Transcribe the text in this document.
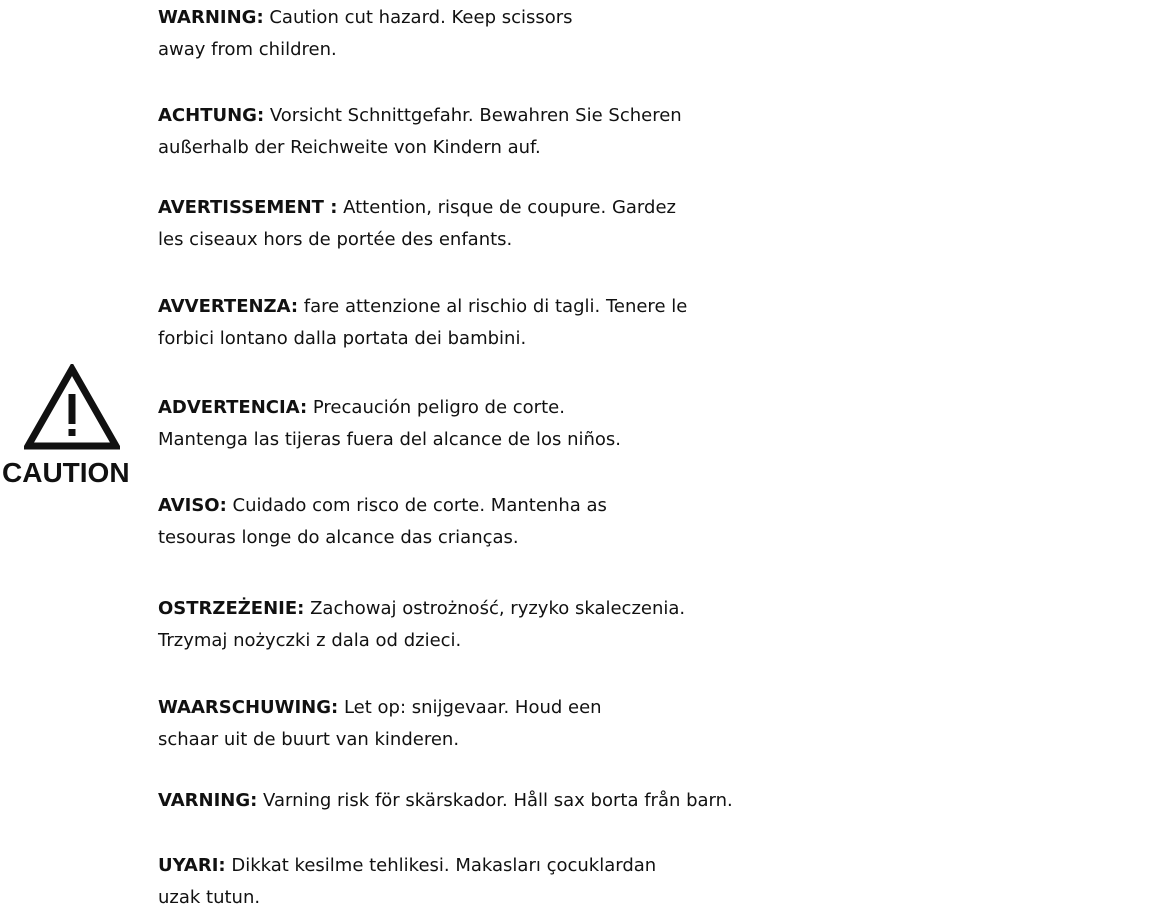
CAUTION
WARNING: Caution cut hazard. Keep scissors
away from children.
ACHTUNG: Vorsicht Schnittgefahr. Bewahren Sie Scheren
außerhalb der Reichweite von Kindern auf.
AVERTISSEMENT : Attention, risque de coupure. Gardez
les ciseaux hors de portée des enfants.
AVVERTENZA: fare attenzione al rischio di tagli. Tenere le
forbici lontano dalla portata dei bambini.
ADVERTENCIA: Precaución peligro de corte.
Mantenga las tijeras fuera del alcance de los niños.
AVISO: Cuidado com risco de corte. Mantenha as
tesouras longe do alcance das crianças.
OSTRZEŻENIE: Zachowaj ostrożność, ryzyko skaleczenia.
Trzymaj nożyczki z dala od dzieci.
WAARSCHUWING: Let op: snijgevaar. Houd een
schaar uit de buurt van kinderen.
VARNING: Varning risk för skärskador. Håll sax borta från barn.
UYARI: Dikkat kesilme tehlikesi. Makasları çocuklardan
uzak tutun.
